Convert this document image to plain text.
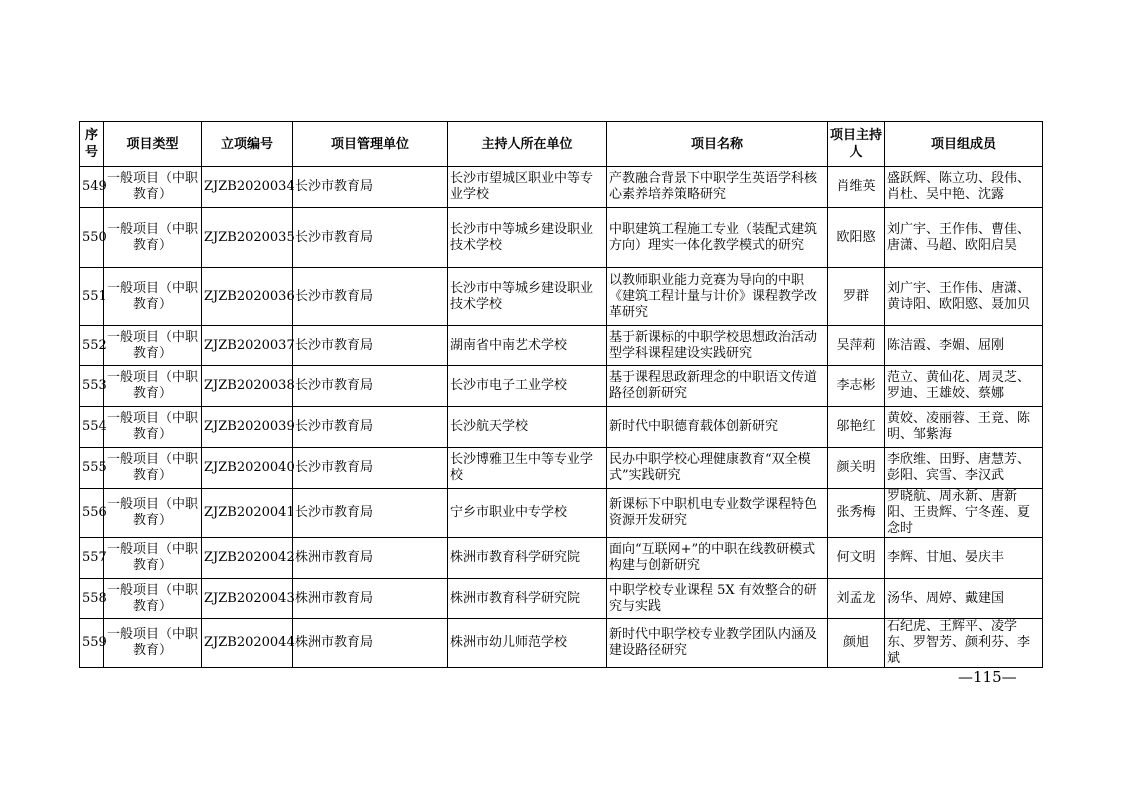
序号	项目类型	立项编号	项目管理单位	主持人所在单位	项目名称	项目主持人	项目组成员
549	一般项目（中职教育）	ZJZB2020034	长沙市教育局	长沙市望城区职业中等专业学校	产教融合背景下中职学生英语学科核心素养培养策略研究	肖维英	盛跃辉、陈立功、段伟、肖杜、吴中艳、沈露
550	一般项目（中职教育）	ZJZB2020035	长沙市教育局	长沙市中等城乡建设职业技术学校	中职建筑工程施工专业（装配式建筑方向）理实一体化教学模式的研究	欧阳愍	刘广宇、王作伟、曹佳、唐潇、马超、欧阳启昊
551	一般项目（中职教育）	ZJZB2020036	长沙市教育局	长沙市中等城乡建设职业技术学校	以教师职业能力竞赛为导向的中职《建筑工程计量与计价》课程教学改革研究	罗群	刘广宇、王作伟、唐潇、黄诗阳、欧阳愍、聂加贝
552	一般项目（中职教育）	ZJZB2020037	长沙市教育局	湖南省中南艺术学校	基于新课标的中职学校思想政治活动型学科课程建设实践研究	吴萍莉	陈洁霞、李媚、屈刚
553	一般项目（中职教育）	ZJZB2020038	长沙市教育局	长沙市电子工业学校	基于课程思政新理念的中职语文传道路径创新研究	李志彬	范立、黄仙花、周灵芝、罗迪、王雄姣、蔡娜
554	一般项目（中职教育）	ZJZB2020039	长沙市教育局	长沙航天学校	新时代中职德育载体创新研究	邬艳红	黄姣、凌丽蓉、王竟、陈明、邹紫海
555	一般项目（中职教育）	ZJZB2020040	长沙市教育局	长沙博雅卫生中等专业学校	民办中职学校心理健康教育“双全模式”实践研究	颜关明	李欣维、田野、唐慧芳、彭阳、宾雪、李汉武
556	一般项目（中职教育）	ZJZB2020041	长沙市教育局	宁乡市职业中专学校	新课标下中职机电专业数学课程特色资源开发研究	张秀梅	罗晓航、周永新、唐新阳、王贵辉、宁冬莲、夏念时
557	一般项目（中职教育）	ZJZB2020042	株洲市教育局	株洲市教育科学研究院	面向“互联网+”的中职在线教研模式构建与创新研究	何文明	李辉、甘旭、晏庆丰
558	一般项目（中职教育）	ZJZB2020043	株洲市教育局	株洲市教育科学研究院	中职学校专业课程 5X 有效整合的研究与实践	刘孟龙	汤华、周婷、戴建国
559	一般项目（中职教育）	ZJZB2020044	株洲市教育局	株洲市幼儿师范学校	新时代中职学校专业教学团队内涵及建设路径研究	颜旭	石纪虎、王辉平、凌学东、罗智芳、颜利芬、李斌
—115—
